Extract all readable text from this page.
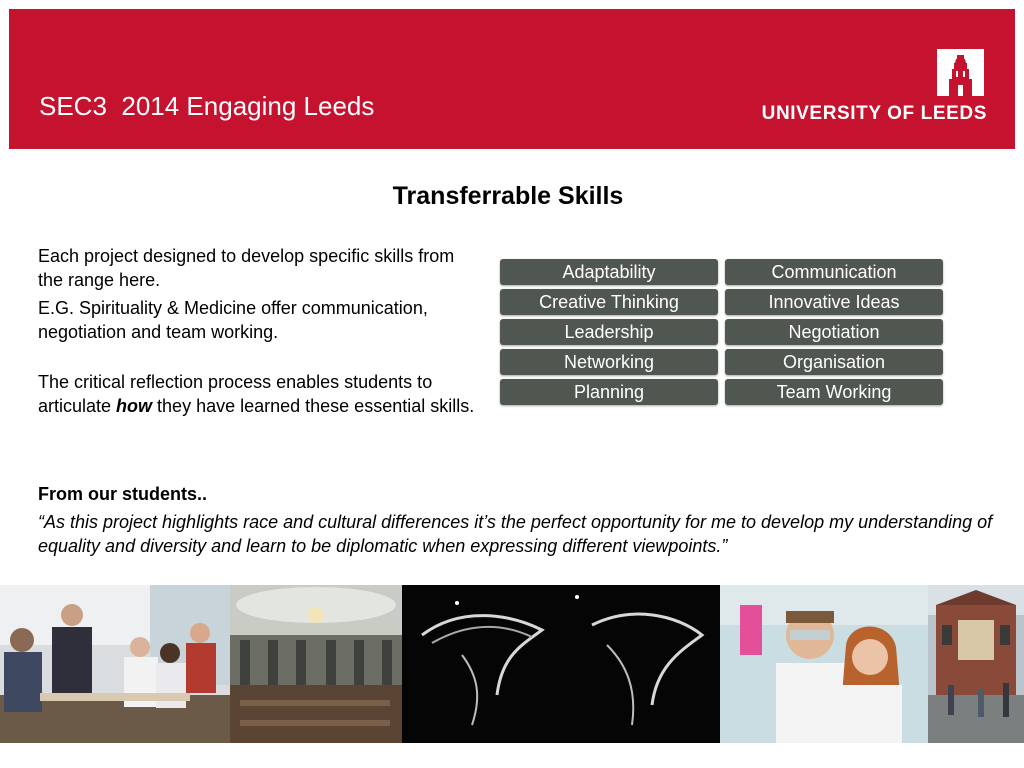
SEC3  2014 Engaging Leeds	UNIVERSITY OF LEEDS
Transferrable Skills

Each project designed to develop specific skills from the range here.

E.G. Spirituality & Medicine offer communication, negotiation and team working.

The critical reflection process enables students to articulate how they have learned these essential skills.

Adaptability	Communication
Creative Thinking	Innovative Ideas
Leadership	Negotiation
Networking	Organisation
Planning	Team Working
From our students..
“As this project highlights race and cultural differences it’s the perfect opportunity for me to develop my understanding of equality and diversity and learn to be diplomatic when expressing different viewpoints.”
